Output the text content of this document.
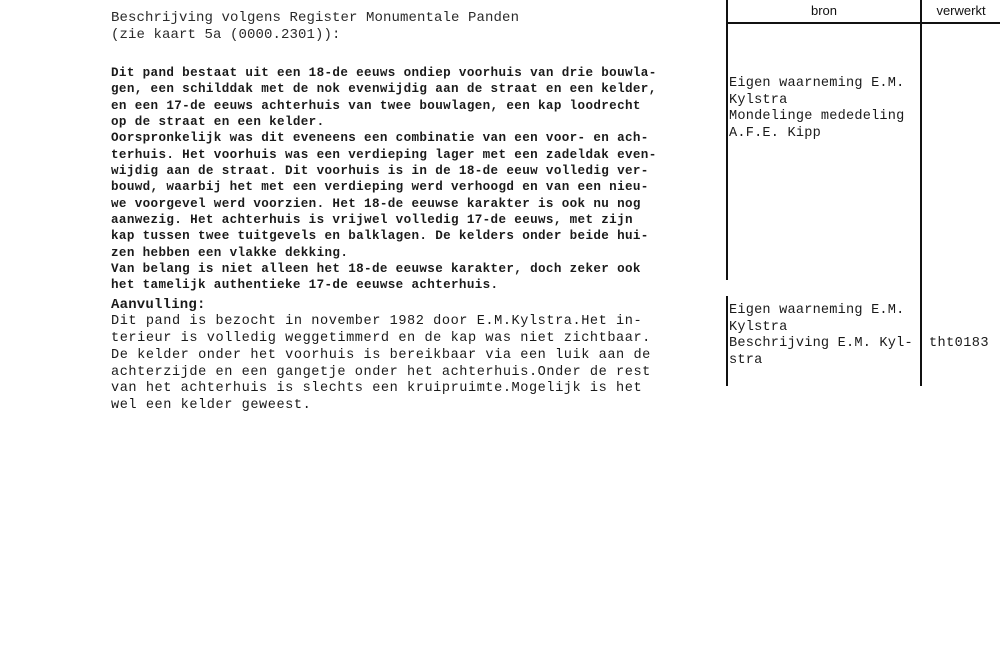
Beschrijving volgens Register Monumentale Panden
(zie kaart 5a (0000.2301)):
Dit pand bestaat uit een 18-de eeuws ondiep voorhuis van drie bouwla-
gen, een schilddak met de nok evenwijdig aan de straat en een kelder,
en een 17-de eeuws achterhuis van twee bouwlagen, een kap loodrecht
op de straat en een kelder.
Oorspronkelijk was dit eveneens een combinatie van een voor- en ach-
terhuis. Het voorhuis was een verdieping lager met een zadeldak even-
wijdig aan de straat. Dit voorhuis is in de 18-de eeuw volledig ver-
bouwd, waarbij het met een verdieping werd verhoogd en van een nieu-
we voorgevel werd voorzien. Het 18-de eeuwse karakter is ook nu nog
aanwezig. Het achterhuis is vrijwel volledig 17-de eeuws, met zijn
kap tussen twee tuitgevels en balklagen. De kelders onder beide hui-
zen hebben een vlakke dekking.
Van belang is niet alleen het 18-de eeuwse karakter, doch zeker ook
het tamelijk authentieke 17-de eeuwse achterhuis.
Aanvulling:
Dit pand is bezocht in november 1982 door E.M.Kylstra.Het in-
terieur is volledig weggetimmerd en de kap was niet zichtbaar.
De kelder onder het voorhuis is bereikbaar via een luik aan de
achterzijde en een gangetje onder het achterhuis.Onder de rest
van het achterhuis is slechts een kruipruimte.Mogelijk is het
wel een kelder geweest.
bron	verwerkt
Eigen waarneming E.M.
Kylstra
Mondelinge mededeling
A.F.E. Kipp
Eigen waarneming E.M.
Kylstra
Beschrijving E.M. Kyl-
stra
tht0183
